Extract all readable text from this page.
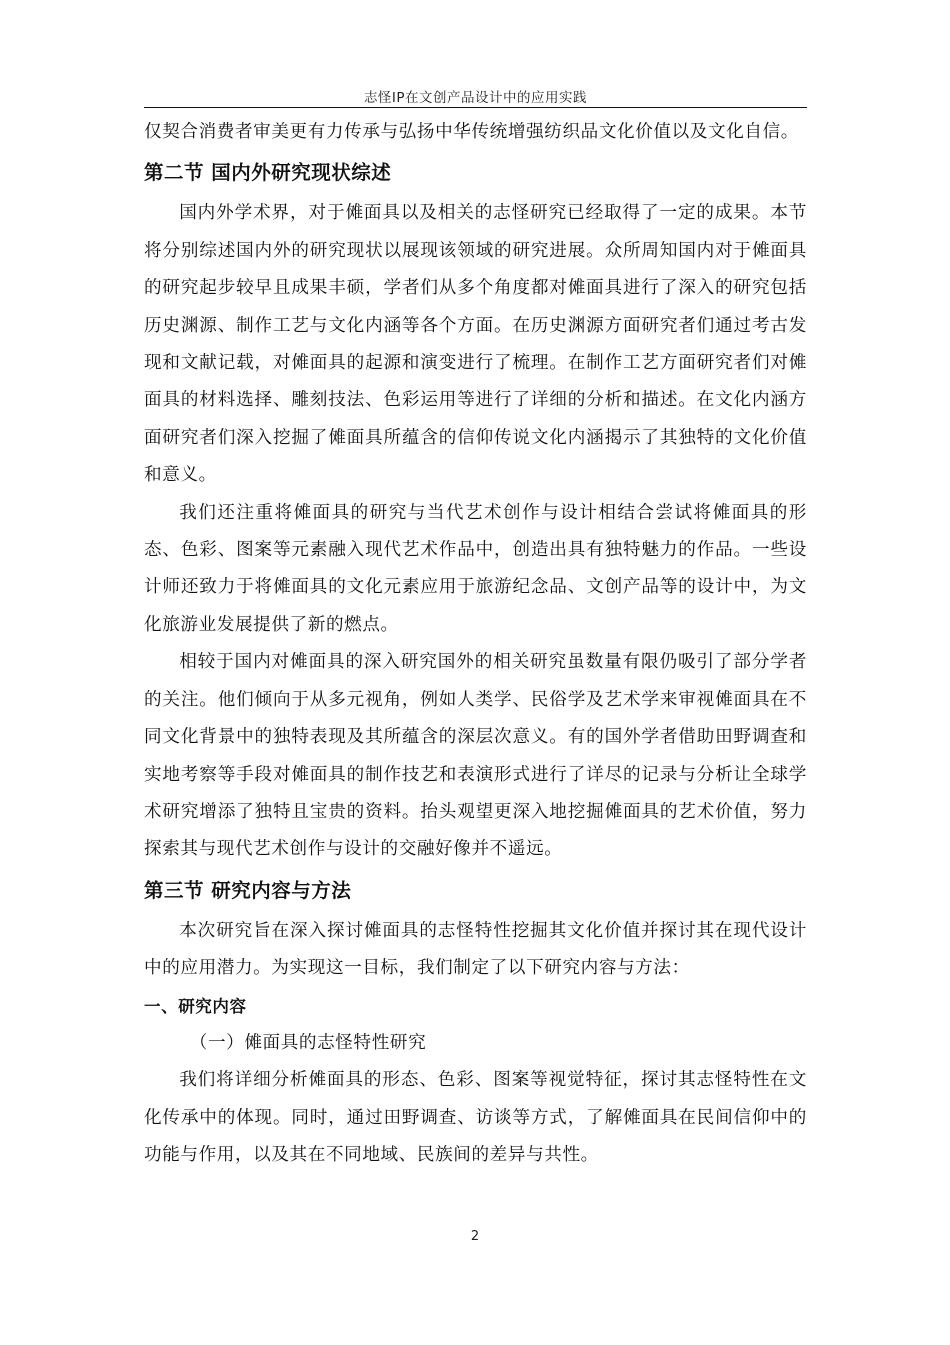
志怪IP在文创产品设计中的应用实践

仅契合消费者审美更有力传承与弘扬中华传统增强纺织品文化价值以及文化自信。

第二节 国内外研究现状综述

国内外学术界，对于傩面具以及相关的志怪研究已经取得了一定的成果。本节将分别综述国内外的研究现状以展现该领域的研究进展。众所周知国内对于傩面具的研究起步较早且成果丰硕，学者们从多个角度都对傩面具进行了深入的研究包括历史渊源、制作工艺与文化内涵等各个方面。在历史渊源方面研究者们通过考古发现和文献记载，对傩面具的起源和演变进行了梳理。在制作工艺方面研究者们对傩面具的材料选择、雕刻技法、色彩运用等进行了详细的分析和描述。在文化内涵方面研究者们深入挖掘了傩面具所蕴含的信仰传说文化内涵揭示了其独特的文化价值和意义。

我们还注重将傩面具的研究与当代艺术创作与设计相结合尝试将傩面具的形态、色彩、图案等元素融入现代艺术作品中，创造出具有独特魅力的作品。一些设计师还致力于将傩面具的文化元素应用于旅游纪念品、文创产品等的设计中，为文化旅游业发展提供了新的燃点。

相较于国内对傩面具的深入研究国外的相关研究虽数量有限仍吸引了部分学者的关注。他们倾向于从多元视角，例如人类学、民俗学及艺术学来审视傩面具在不同文化背景中的独特表现及其所蕴含的深层次意义。有的国外学者借助田野调查和实地考察等手段对傩面具的制作技艺和表演形式进行了详尽的记录与分析让全球学术研究增添了独特且宝贵的资料。抬头观望更深入地挖掘傩面具的艺术价值，努力探索其与现代艺术创作与设计的交融好像并不遥远。

第三节 研究内容与方法

本次研究旨在深入探讨傩面具的志怪特性挖掘其文化价值并探讨其在现代设计中的应用潜力。为实现这一目标，我们制定了以下研究内容与方法：

一、研究内容

（一）傩面具的志怪特性研究

我们将详细分析傩面具的形态、色彩、图案等视觉特征，探讨其志怪特性在文化传承中的体现。同时，通过田野调查、访谈等方式，了解傩面具在民间信仰中的功能与作用，以及其在不同地域、民族间的差异与共性。

2
